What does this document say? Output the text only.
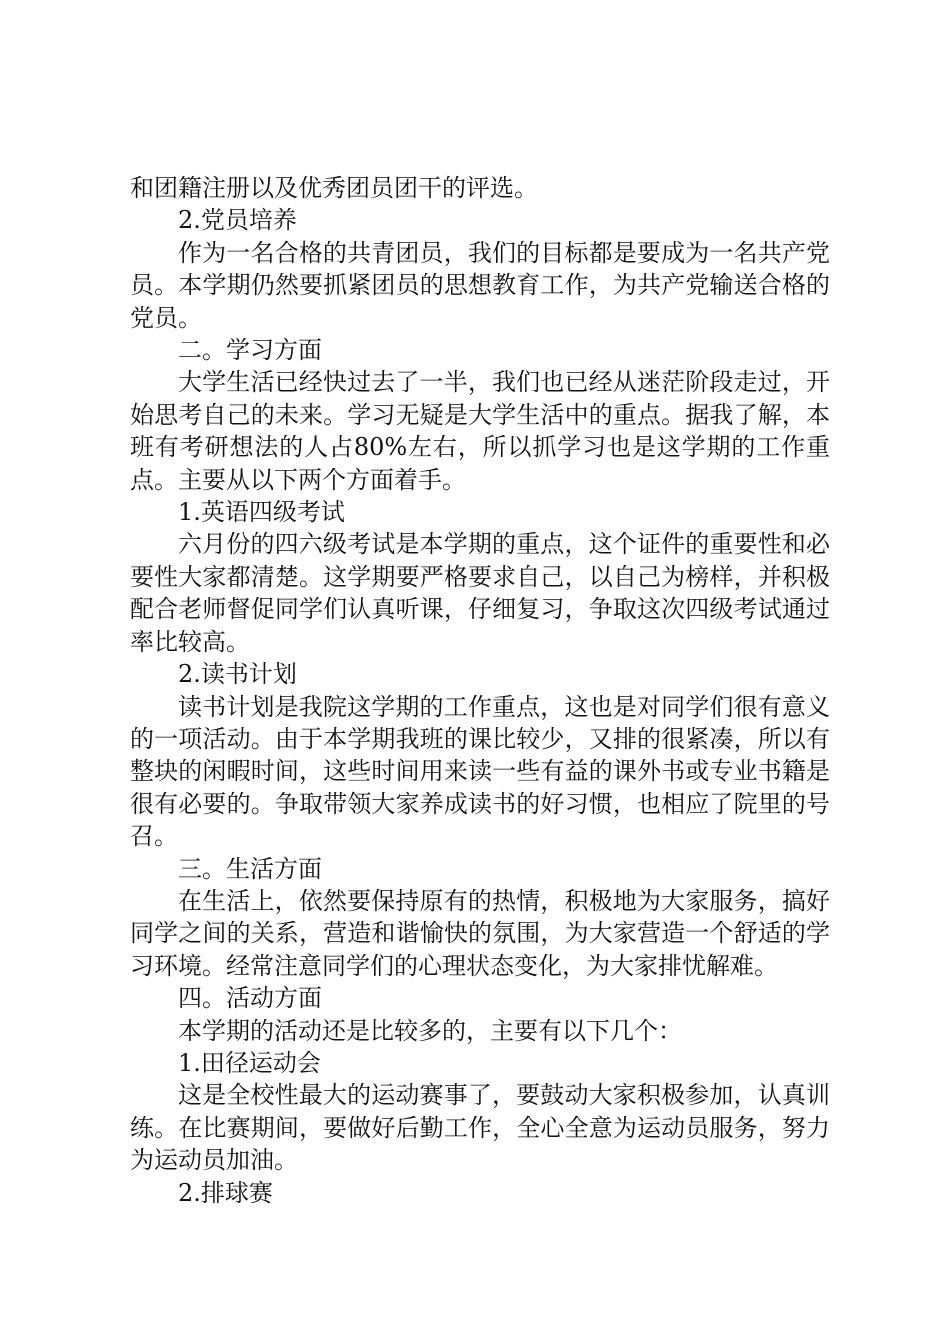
和团籍注册以及优秀团员团干的评选。

2.党员培养

作为一名合格的共青团员，我们的目标都是要成为一名共产党员。本学期仍然要抓紧团员的思想教育工作，为共产党输送合格的党员。

二。学习方面

大学生活已经快过去了一半，我们也已经从迷茫阶段走过，开始思考自己的未来。学习无疑是大学生活中的重点。据我了解，本班有考研想法的人占80%左右，所以抓学习也是这学期的工作重点。主要从以下两个方面着手。

1.英语四级考试

六月份的四六级考试是本学期的重点，这个证件的重要性和必要性大家都清楚。这学期要严格要求自己，以自己为榜样，并积极配合老师督促同学们认真听课，仔细复习，争取这次四级考试通过率比较高。

2.读书计划

读书计划是我院这学期的工作重点，这也是对同学们很有意义的一项活动。由于本学期我班的课比较少，又排的很紧凑，所以有整块的闲暇时间，这些时间用来读一些有益的课外书或专业书籍是很有必要的。争取带领大家养成读书的好习惯，也相应了院里的号召。

三。生活方面

在生活上，依然要保持原有的热情，积极地为大家服务，搞好同学之间的关系，营造和谐愉快的氛围，为大家营造一个舒适的学习环境。经常注意同学们的心理状态变化，为大家排忧解难。

四。活动方面

本学期的活动还是比较多的，主要有以下几个：

1.田径运动会

这是全校性最大的运动赛事了，要鼓动大家积极参加，认真训练。在比赛期间，要做好后勤工作，全心全意为运动员服务，努力为运动员加油。

2.排球赛
